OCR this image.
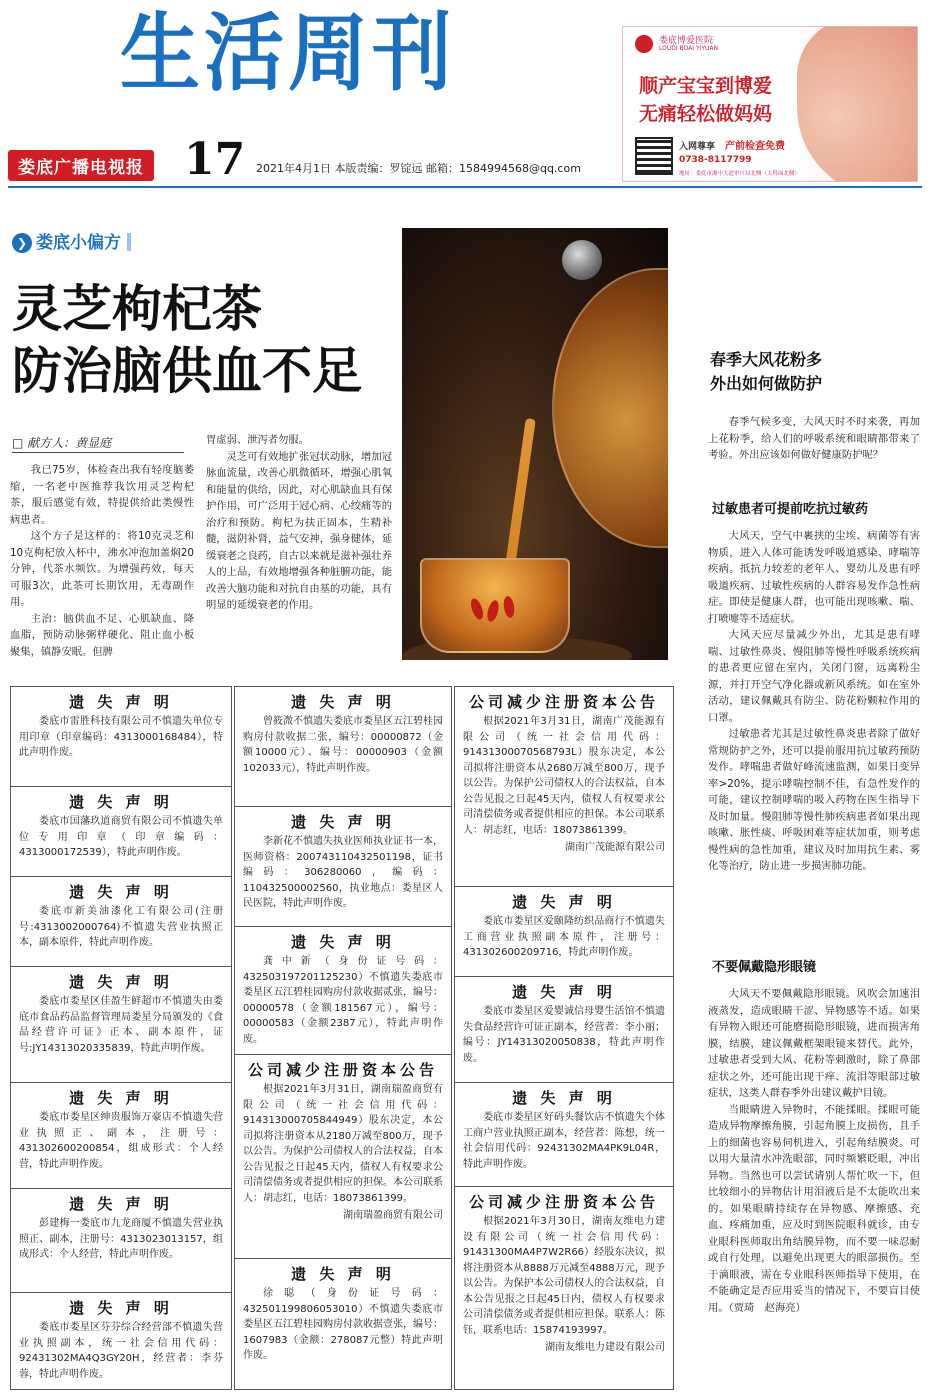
生活周刊
娄底广播电视报 17 2021年4月1日 本版责编：罗锭远 邮箱：1584994568@qq.com
娄底博爱医院
LOUDI BOAI YIYUAN
顺产宝宝到博爱
无痛轻松做妈妈
入网尊享 产前检查免费
0738-8117799
地址：娄底市湘中大道审计局北侧（大科面北侧）
❯ 娄底小偏方
灵芝枸杞茶
防治脑供血不足
□ 献方人：黄显庭

我已75岁，体检查出我有轻度脑萎缩，一名老中医推荐我饮用灵芝枸杞茶，服后感觉有效，特提供给此类慢性病患者。

这个方子是这样的：将10克灵芝和10克枸杞放入杯中，沸水冲泡加盖焖20分钟，代茶水频饮。为增强药效，每天可服3次，此茶可长期饮用，无毒副作用。

主治：脑供血不足、心肌缺血、降血脂，预防动脉粥样硬化、阻止血小板聚集，镇静安眠。但脾

胃虚弱、泄泻者勿服。

灵芝可有效地扩张冠状动脉，增加冠脉血流量，改善心肌微循环，增强心肌氧和能量的供给，因此，对心肌缺血具有保护作用，可广泛用于冠心病、心绞痛等的治疗和预防。枸杞为扶正固本，生精补髓，滋阴补肾，益气安神，强身健体，延缓衰老之良药，自古以来就是滋补强壮养人的上品，有效地增强各种脏腑功能，能改善大脑功能和对抗自由基的功能，具有明显的延缓衰老的作用。

春季大风花粉多
外出如何做防护

春季气候多变，大风天时不时来袭，再加上花粉季，给人们的呼吸系统和眼睛都带来了考验。外出应该如何做好健康防护呢？

过敏患者可提前吃抗过敏药

大风天，空气中裹挟的尘埃、病菌等有害物质，进入人体可能诱发呼吸道感染、哮喘等疾病。抵抗力较差的老年人、婴幼儿及患有呼吸道疾病、过敏性疾病的人群容易发作急性病症。即使是健康人群，也可能出现咳嗽、喘、打喷嚏等不适症状。

大风天应尽量减少外出，尤其是患有哮喘、过敏性鼻炎、慢阻肺等慢性呼吸系统疾病的患者更应留在室内，关闭门窗，远离粉尘源，并打开空气净化器或新风系统。如在室外活动，建议佩戴具有防尘、防花粉颗粒作用的口罩。

过敏患者尤其是过敏性鼻炎患者除了做好常规防护之外，还可以提前服用抗过敏药预防发作。哮喘患者做好峰流速监测，如果日变异率>20%，提示哮喘控制不佳，有急性发作的可能，建议控制哮喘的吸入药物在医生指导下及时加量。慢阻肺等慢性肺疾病患者如果出现咳嗽、胀性痰、呼吸困难等症状加重，则考虑慢性病的急性加重，建议及时加用抗生素、雾化等治疗，防止进一步损害肺功能。

不要佩戴隐形眼镜

大风天不要佩戴隐形眼镜。风吹会加速泪液蒸发，造成眼睛干涩、异物感等不适。如果有异物入眼还可能磨损隐形眼镜，进而损害角膜，结膜，建议佩戴框架眼镜来替代。此外，过敏患者受到大风、花粉等刺激时，除了鼻部症状之外，还可能出现干痒、流泪等眼部过敏症状，这类人群春季外出建议戴护目镜。

当眼睛进入异物时，不能揉眼。揉眼可能造成异物摩擦角膜，引起角膜上皮损伤，且手上的细菌也容易伺机进入，引起角结膜炎。可以用大量清水冲洗眼部，同时频繁眨眼，冲出异物。当然也可以尝试请别人帮忙吹一下，但比较细小的异物估计用泪液后是不太能吹出来的。如果眼睛持续存在异物感、摩擦感、充血、疼痛加重，应及时到医院眼科就诊，由专业眼科医师取出角结膜异物，而不要一味忍耐或自行处理，以避免出现更大的眼部损伤。至于滴眼液，需在专业眼科医师指导下使用，在不能确定是否应用妥当的情况下，不要盲目使用。（贾琦　赵海亮）

遗 失 声 明
娄底市雷胜科技有限公司不慎遗失单位专用印章（印章编码：4313000168484），特此声明作废。
遗 失 声 明
娄底市国藩玖道商贸有限公司不慎遗失单位专用印章（印章编码：4313000172539），特此声明作废。
遗 失 声 明
娄底市新美油漆化工有限公司(注册号:4313002000764)不慎遗失营业执照正本，副本原件，特此声明作废。
遗 失 声 明
娄底市娄星区佳盈生鲜超市不慎遗失由娄底市食品药品监督管理局娄星分局颁发的《食品经营许可证》正本、副本原件，证号:JY14313020335839，特此声明作废。
遗 失 声 明
娄底市娄星区绅贵服饰万豪店不慎遗失营业执照正、副本，注册号：431302600200854，组成形式：个人经营，特此声明作废。
遗 失 声 明
彭建梅一娄底市九龙商厦不慎遗失营业执照正、副本，注册号：4313023013157，组成形式：个人经营，特此声明作废。
遗 失 声 明
娄底市娄星区芬芬综合经营部不慎遗失营业执照副本，统一社会信用代码：92431302MA4Q3GY20H，经营者：李芬蓉，特此声明作废。
遗 失 声 明
曾筱溦不慎遗失娄底市娄星区五江碧桂园购房付款收据二张，编号：00000872（金额10000元）、编号：00000903（金额102033元），特此声明作废。
遗 失 声 明
李新花不慎遗失执业医师执业证书一本，医师资格：200743110432501198，证书编码：306280060，编码：110432500002560，执业地点：娄星区人民医院，特此声明作废。
遗 失 声 明
龚中新（身份证号码：432503197201125230）不慎遗失娄底市娄星区五江碧桂园购房付款收据贰张，编号：00000578（金额181567元），编号：00000583（金额2387元），特此声明作废。
公司减少注册资本公告
根据2021年3月31日，湖南瑞盈商贸有限公司（统一社会信用代码：91431300070584494​9）股东决定，本公司拟将注册资本从2180万减至800万，现予以公告。为保护公司债权人的合法权益，自本公告见报之日起45天内，债权人有权要求公司清偿债务或者提供相应的担保。本公司联系人：胡志红，电话：18073861399。
湖南瑞盈商贸有限公司
遗 失 声 明
徐聪（身份证号码：432501199806053010）不慎遗失娄底市娄星区五江碧桂园购房付款收据壹张，编号：1607983（金额：278087元整）特此声明作废。
公司减少注册资本公告
根据2021年3月31日，湖南广茂能源有限公司（统一社会信用代码：91431300070568793L）股东决定，本公司拟将注册资本从2680万减至800万，现予以公告。为保护公司债权人的合法权益，自本公告见报之日起45天内，债权人有权要求公司清偿债务或者提供相应的担保。本公司联系人：胡志红，电话：18073861399。
湖南广茂能源有限公司
遗 失 声 明
娄底市娄星区爱颐隆纺织品商行不慎遗失工商营业执照副本原件，注册号：431302600209716，特此声明作废。
遗 失 声 明
娄底市娄星区爱婴诚信母婴生活馆不慎遗失食品经营许可证正副本，经营者：李小丽；编号：JY14313020050838，特此声明作废。
遗 失 声 明
娄底市娄星区好码头餐饮店不慎遗失个体工商户营业执照正副本，经营者：陈想，统一社会信用代码：92431302MA4PK9L04R，特此声明作废。
公司减少注册资本公告
根据2021年3月30日，湖南友维电力建设有限公司（统一社会信用代码：91431300MA4P7W2R66）经股东决议，拟将注册资本从8888万元减至4888万元，现予以公告。为保护本公司债权人的合法权益，自本公告见报之日起45日内，债权人有权要求公司清偿债务或者提供相应担保。联系人：陈钰，联系电话：15874193997。
湖南友维电力建设有限公司
